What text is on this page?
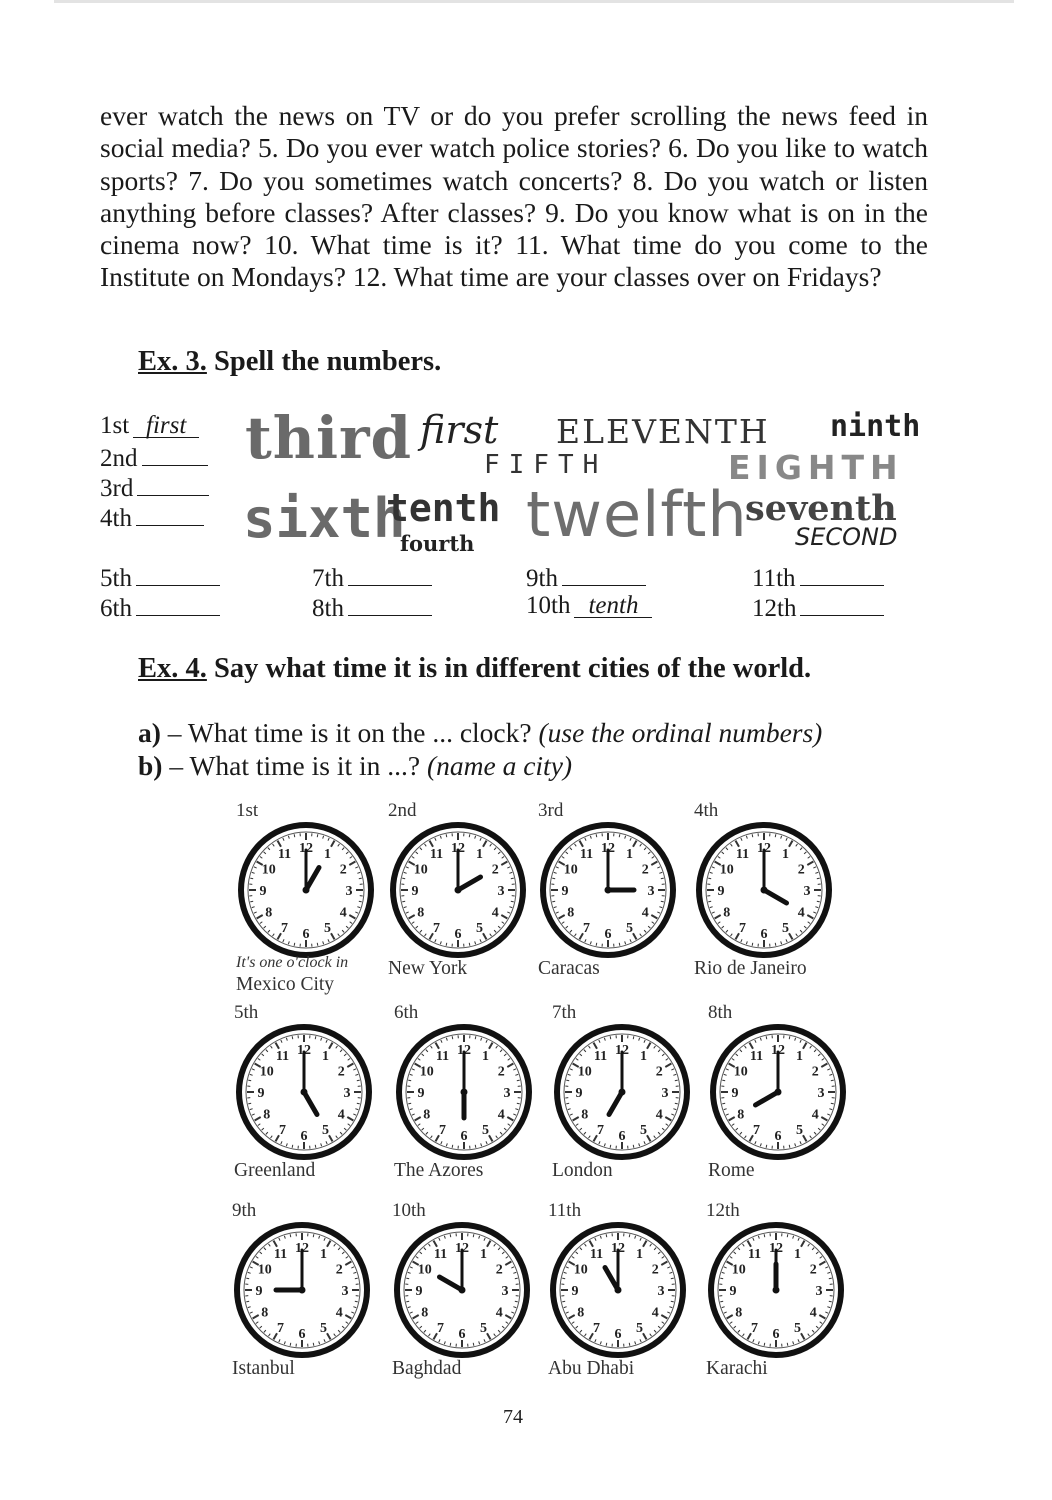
ever watch the news on TV or do you prefer scrolling the news feed in social media? 5. Do you ever watch police stories? 6. Do you like to watch sports? 7. Do you sometimes watch concerts? 8. Do you watch or listen anything before classes? After classes? 9. Do you know what is on in the cinema now? 10. What time is it? 11. What time do you come to the Institute on Mondays? 12. What time are your classes over on Fridays?

Ex. 3. Spell the numbers.
1st first
2nd
3rd
4th
third first ELEVENTH ninth
FIFTH	EIGHTH
sixth
tenth
fourth twelfth
seventh
SECOND
5th
6th
7th
8th
9th
10th tenth
11th
12th
Ex. 4. Say what time it is in different cities of the world.

a) – What time is it on the ... clock? (use the ordinal numbers)

b) – What time is it in ...? (name a city)

1st
1
2
3
4
5
6
7
8
9
10
11 12
It's one o'clock in
Mexico City
2nd
1
2
3
4
5
6
7
8
9
10
11 12
New York
3rd
1
2
3
4
5
6
7
8
9
10
11 12
Caracas
4th
1
2
3
4
5
6
7
8
9
10
11 12
Rio de Janeiro
5th
1
2
3
4
5
6
7
8
9
10
11 12
Greenland
6th
1
2
3
4
5
6
7
8
9
10
11 12
The Azores
7th
1
2
3
4
5
6
7
8
9
10
11 12
London
8th
1
2
3
4
5
6
7
8
9
10
11 12
Rome
9th
1
2
3
4
5
6
7
8
9
10
11 12
Istanbul
10th
1
2
3
4
5
6
7
8
9
10
11 12
Baghdad
11th
1
2
3
4
5
6
7
8
9
10
11 12
Abu Dhabi
12th
1
2
3
4
5
6
7
8
9
10
11 12
Karachi
74
